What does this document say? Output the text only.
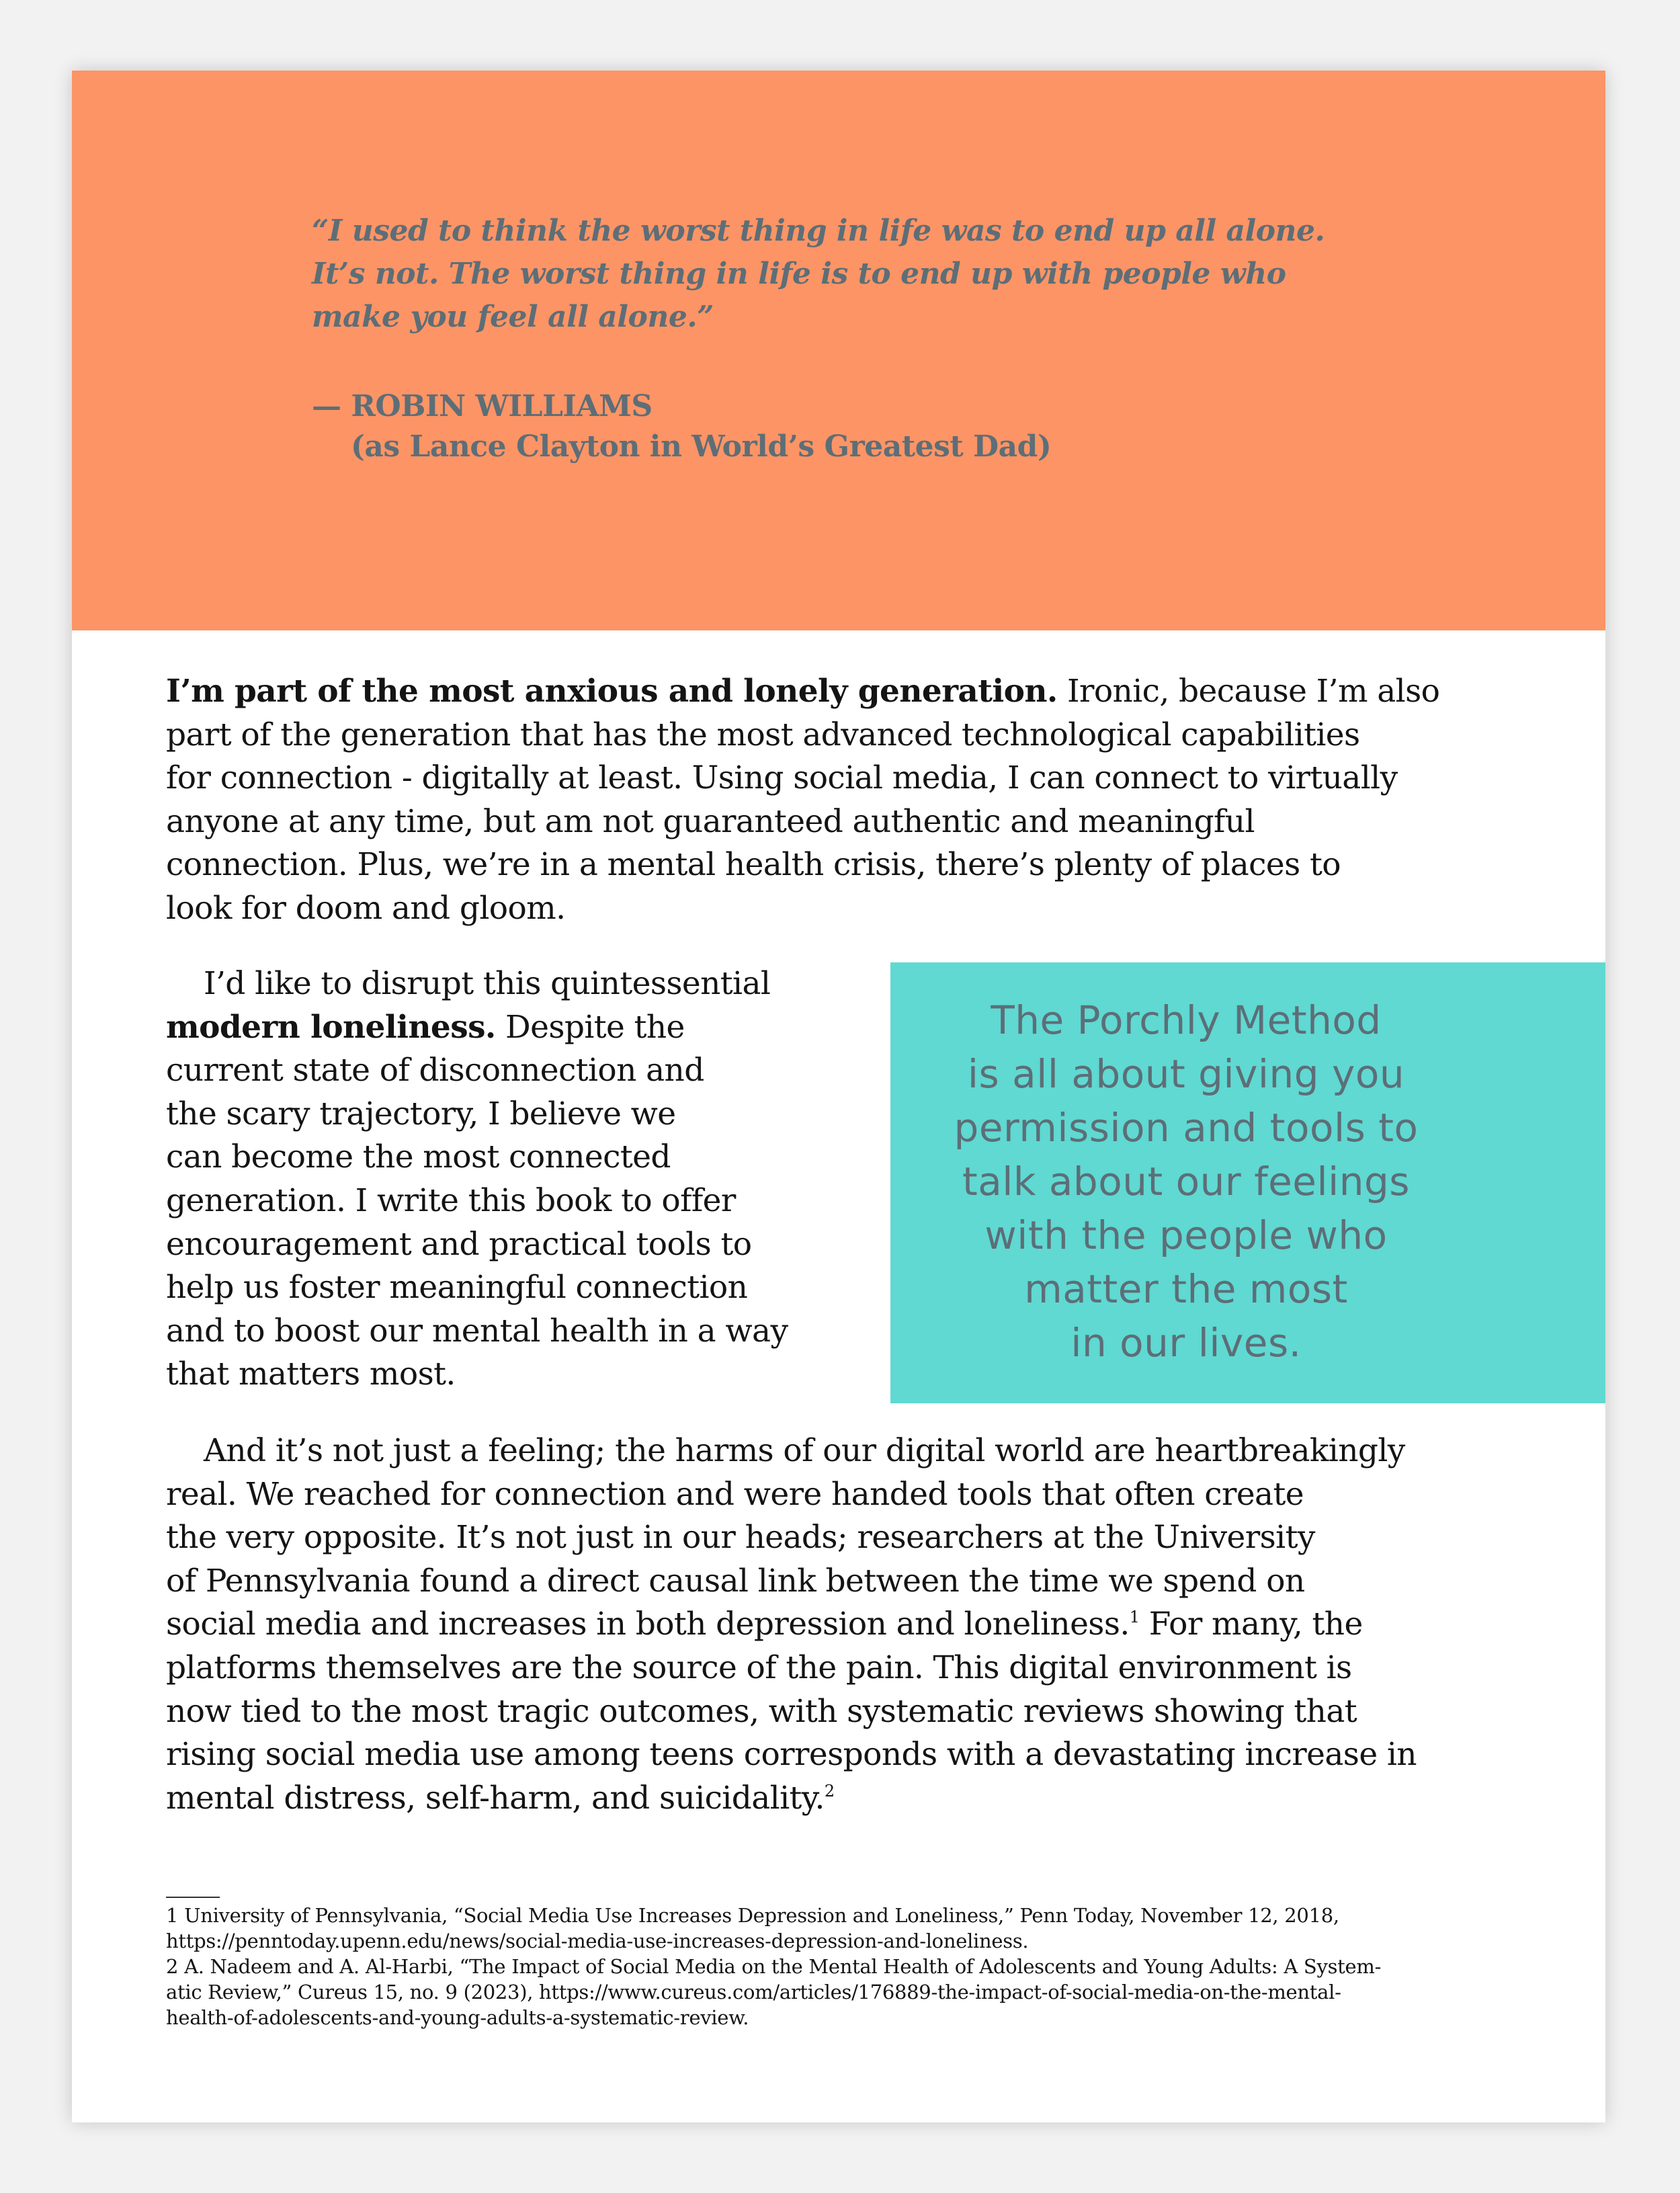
“I used to think the worst thing in life was to end up all alone.
It’s not. The worst thing in life is to end up with people who
make you feel all alone.”
— ROBIN WILLIAMS
(as Lance Clayton in World’s Greatest Dad)
I’m part of the most anxious and lonely generation. Ironic, because I’m also
part of the generation that has the most advanced technological capabilities
for connection - digitally at least. Using social media, I can connect to virtually
anyone at any time, but am not guaranteed authentic and meaningful
connection. Plus, we’re in a mental health crisis, there’s plenty of places to
look for doom and gloom.
I’d like to disrupt this quintessential
modern loneliness. Despite the
current state of disconnection and
the scary trajectory, I believe we
can become the most connected
generation. I write this book to offer
encouragement and practical tools to
help us foster meaningful connection
and to boost our mental health in a way
that matters most.
The Porchly Method
is all about giving you
permission and tools to
talk about our feelings
with the people who
matter the most
in our lives.
And it’s not just a feeling; the harms of our digital world are heartbreakingly
real. We reached for connection and were handed tools that often create
the very opposite. It’s not just in our heads; researchers at the University
of Pennsylvania found a direct causal link between the time we spend on
social media and increases in both depression and loneliness.$^1$ For many, the
platforms themselves are the source of the pain. This digital environment is
now tied to the most tragic outcomes, with systematic reviews showing that
rising social media use among teens corresponds with a devastating increase in
mental distress, self-harm, and suicidality.$^2$
1 University of Pennsylvania, “Social Media Use Increases Depression and Loneliness,” Penn Today, November 12, 2018,
https://penntoday.upenn.edu/news/social-media-use-increases-depression-and-loneliness.
2 A. Nadeem and A. Al-Harbi, “The Impact of Social Media on the Mental Health of Adolescents and Young Adults: A System-
atic Review,” Cureus 15, no. 9 (2023), https://www.cureus.com/articles/176889-the-impact-of-social-media-on-the-mental-
health-of-adolescents-and-young-adults-a-systematic-review.
